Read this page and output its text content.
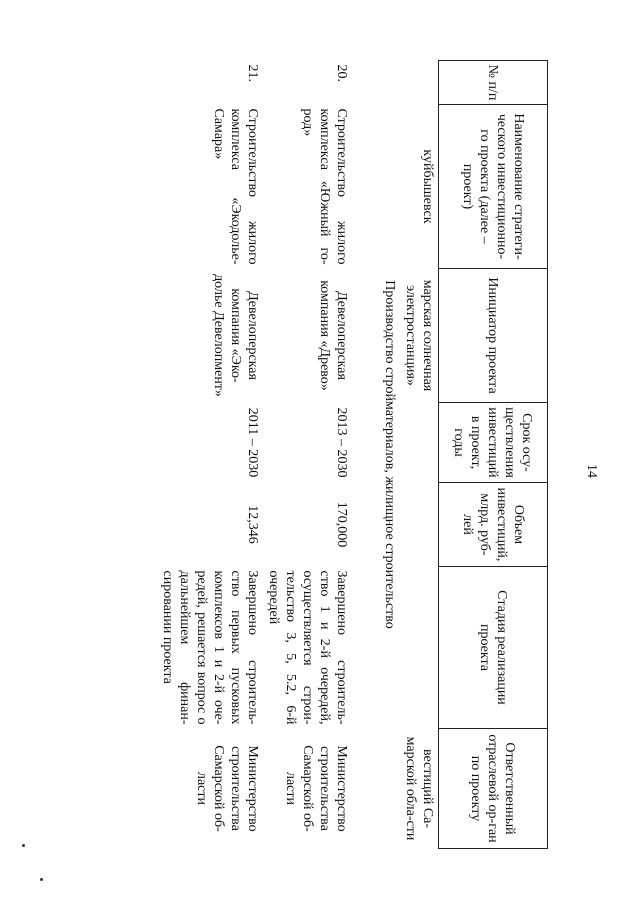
14
№ п/п	Наименование стратеги-ческого инвестиционно-го проекта (далее – проект)	Инициатор проекта	Срок осу-ществления инвестиций в проект, годы	Объем инвестиций, млрд. руб-лей	Стадия реализации проекта	Ответственный отраслевой ор-ган по проекту
	куйбышевск	марская солнечная электростанция»				вестиций Са-марской обла-сти
Производство стройматериалов, жилищное строительство						
20.	Строительство жилого комплекса «Южный го-род»	Девелоперская компания «Древо»	2013 – 2030	170,000	Завершено строитель-ство 1 и 2-й очередей, осуществляется строи-тельство 3, 5, 5.2, 6-й очередей	Министерство строительства Самарской об-ласти
21.	Строительство жилого комплекса «Экодолье-Самара»	Девелоперская компания «Эко-долье Девелопмент»	2011 – 2030	12,346	Завершено строитель-ство первых пусковых комплексов 1 и 2-й оче-редей, решается вопрос о дальнейшем финан-сировании проекта	Министерство строительства Самарской об-ласти
